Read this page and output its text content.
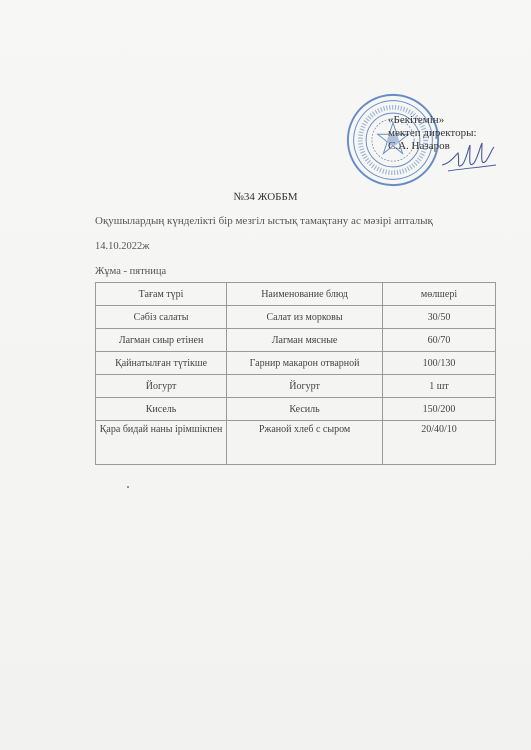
«Бекітемін»
мектеп директоры:
С.А. Назаров
№34 ЖОББМ
Оқушылардың күнделікті бір мезгіл ыстық тамақтану ас мәзірі апталық
14.10.2022ж
Жұма - пятница
Тағам түрі	Наименование блюд	мөлшері
Сәбіз салаты	Салат из морковы	30/50
Лагман сиыр етінен	Лагман мясные	60/70
Қайнатылған түтікше	Гарнир макарон отварной	100/130
Йогурт	Йогурт	1 шт
Кисель	Кесиль	150/200
Қара бидай наны ірімшікпен	Ржаной хлеб с сыром	20/40/10
